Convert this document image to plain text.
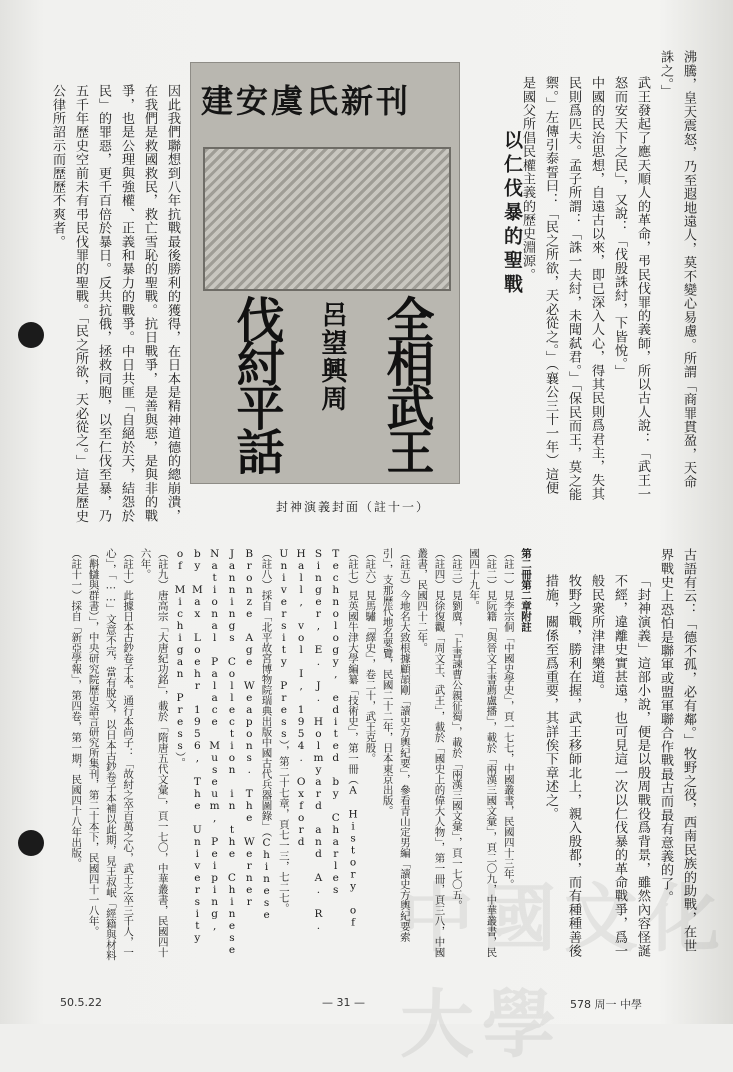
中國文化大學
沸騰，皇天震怒，乃至遐地遠人，莫不變心易慮。所謂「商罪貫盈，天命誅之。」
武王發起了應天順人的革命，弔民伐罪的義師，所以古人說：「武王一怒而安天下之民」，又說：「伐殷誅紂，下皆悅。」
中國的民治思想，自遠古以來，即已深入人心，得其民則爲君主，失其民則爲匹夫。孟子所謂：「誅一夫紂，未聞弑君。」「保民而王，莫之能禦。」左傳引泰誓曰：「民之所欲，天必從之。」（襄公三十一年）這便是國父所倡民權主義的歷史淵源。
以仁伐暴的聖戰
建安虞氏新刊
全相武王
呂望興周
伐紂平話
封神演義封面（註十一）
因此我們聯想到八年抗戰最後勝利的獲得，在日本是精神道德的總崩潰，在我們是救國救民，救亡雪恥的聖戰。抗日戰爭，是善與惡，是與非的戰爭，也是公理與強權、正義和暴力的戰爭。中日共匪「自絕於天，結怨於民」的罪惡，更千百倍於暴日。反共抗俄，拯救同胞，以至仁伐至暴，乃五千年歷史空前未有弔民伐罪的聖戰。「民之所欲，天必從之。」這是歷史公律所詔示而歷歷不爽者。
古語有云：「德不孤，必有鄰。」牧野之役，西南民族的助戰，在世界戰史上恐怕是聯軍或盟軍聯合作戰最古而最有意義的了。
「封神演義」這部小說，便是以殷周戰役爲背景，雖然內容怪誕不經，違離史實甚遠，也可見這一次以仁伐暴的革命戰爭，爲一般民衆所津津樂道。
牧野之戰，勝利在握，武王移師北上，親入殷都，而有種種善後措施，關係至爲重要，其詳俟下章述之。
第二冊第二章附註
（註一）見李宗侗「中國史學史」，頁一七七，中國叢書，民國四十三年。
（註二）見阮籍「與晉文王書薦盧播」，載於「兩漢三國文彙」，頁二〇九，中華叢書，民國四十九年。
（註三）見劉廙，「上書諫曹公親征蜀」，載於「兩漢三國文彙」，頁一七〇五。
（註四）見徐復觀「周文王、武王」，載於「國史上的偉大人物」，第一冊，頁三八，中國叢書，民國四十二年。
（註五）今地名大致根據顧頡剛「讀史方輿紀要」，參看青山定男編「讀史方輿紀要索引」，支那歷代地名要覽，民國二十二年，日本東京出版。
（註六）見馬驌「繹史」，卷二十，武王克殷。
（註七）見英國牛津大學編纂「技術史」，第一冊（A History of Technology, edited by Charles Singer, E. J. Holmyard and A. R. Hall, vol I, 1954. Oxford University Press），第二十七章，頁七一三，七二七。
（註八）採自「北平故宮博物院瑞典出版中國古代兵器圖錄」（Chinese Bronze Age Weapons. The Werner Jannings Collection in the Chinese National Palace Museum, Peiping, by Max Loehr 1956, The University of Michigan Press）。
（註九）唐高宗「大唐紀功銘」，載於「隋唐五代文彙」，頁一七〇，中華叢書，民國四十六年。
（註十）此據日本古鈔卷子本。通行本尚子：「故紂之卒百萬之心，武王之卒三千人，一心」，「……」文意不完，當有脫文，以日本古鈔卷子本補以此期，見王叔岷「經籍與材料（斠讎與群書）」，中央研究院歷史語言研究所集刊，第二十本下，民國四十一八年。
（註十一）採自「新亞學報」，第四卷，第一期，民國四十八年出版。
50.5.22	— 31 —	578 周一 中學
